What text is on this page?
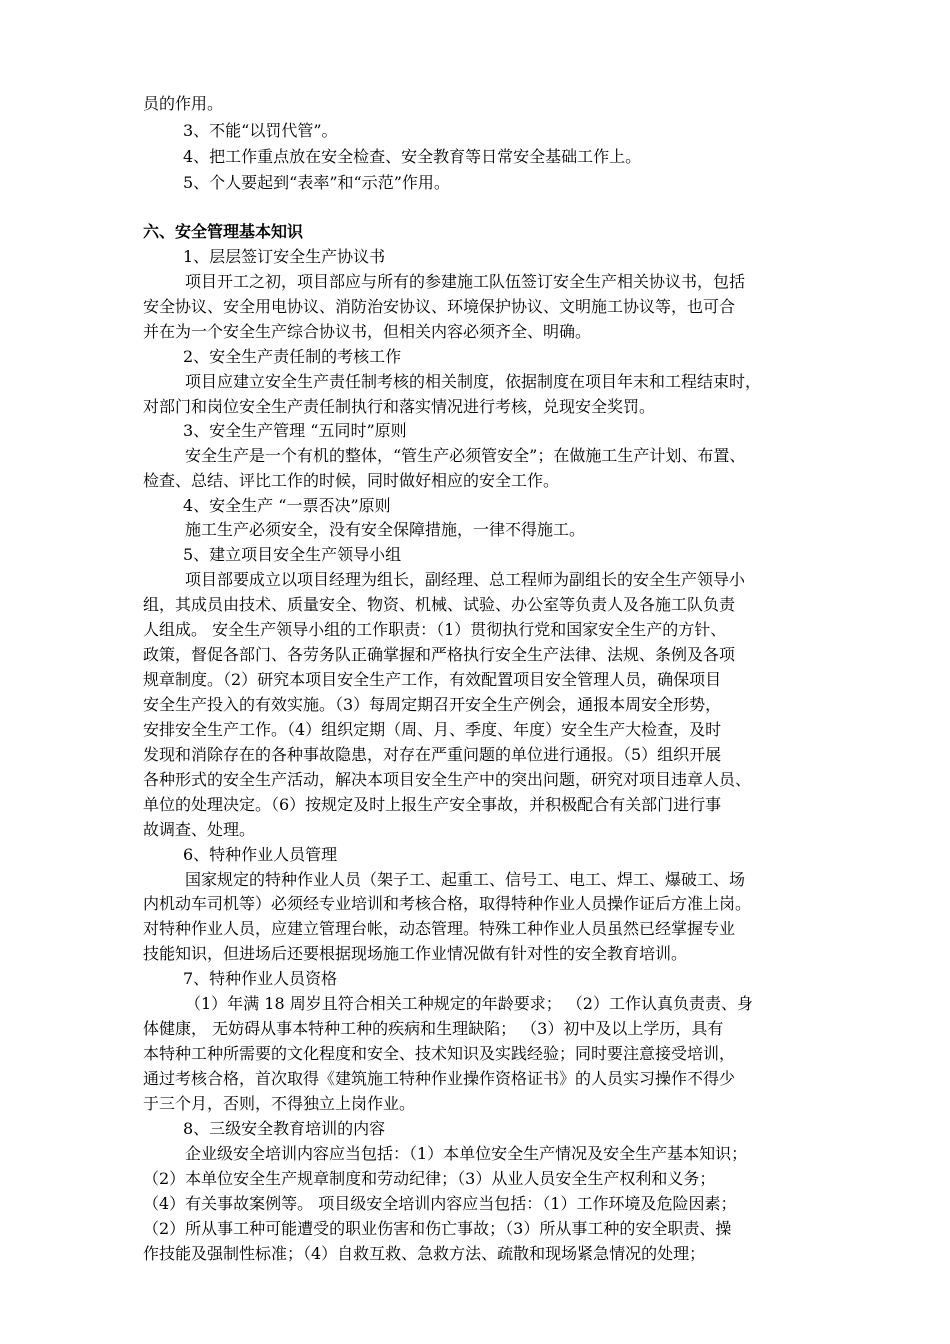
员的作用。
3、不能“以罚代管”。
4、把工作重点放在安全检查、安全教育等日常安全基础工作上。
5、个人要起到“表率”和“示范”作用。
六、安全管理基本知识
1、层层签订安全生产协议书
项目开工之初，项目部应与所有的参建施工队伍签订安全生产相关协议书，包括
安全协议、安全用电协议、消防治安协议、环境保护协议、文明施工协议等，也可合
并在为一个安全生产综合协议书，但相关内容必须齐全、明确。
2、安全生产责任制的考核工作
项目应建立安全生产责任制考核的相关制度，依据制度在项目年末和工程结束时，
对部门和岗位安全生产责任制执行和落实情况进行考核，兑现安全奖罚。
3、安全生产管理 “五同时”原则
安全生产是一个有机的整体，“管生产必须管安全”；在做施工生产计划、布置、
检查、总结、评比工作的时候，同时做好相应的安全工作。
4、安全生产 “一票否决”原则
施工生产必须安全，没有安全保障措施，一律不得施工。
5、建立项目安全生产领导小组
项目部要成立以项目经理为组长，副经理、总工程师为副组长的安全生产领导小
组，其成员由技术、质量安全、物资、机械、试验、办公室等负责人及各施工队负责
人组成。 安全生产领导小组的工作职责：（1）贯彻执行党和国家安全生产的方针、
政策，督促各部门、各劳务队正确掌握和严格执行安全生产法律、法规、条例及各项
规章制度。（2）研究本项目安全生产工作，有效配置项目安全管理人员，确保项目
安全生产投入的有效实施。（3）每周定期召开安全生产例会，通报本周安全形势，
安排安全生产工作。（4）组织定期（周、月、季度、年度）安全生产大检查，及时
发现和消除存在的各种事故隐患，对存在严重问题的单位进行通报。（5）组织开展
各种形式的安全生产活动，解决本项目安全生产中的突出问题，研究对项目违章人员、
单位的处理决定。（6）按规定及时上报生产安全事故，并积极配合有关部门进行事
故调查、处理。
6、特种作业人员管理
国家规定的特种作业人员（架子工、起重工、信号工、电工、焊工、爆破工、场
内机动车司机等）必须经专业培训和考核合格，取得特种作业人员操作证后方准上岗。
对特种作业人员，应建立管理台帐，动态管理。特殊工种作业人员虽然已经掌握专业
技能知识，但进场后还要根据现场施工作业情况做有针对性的安全教育培训。
7、特种作业人员资格
（1）年满 18 周岁且符合相关工种规定的年龄要求； （2）工作认真负责责、身
体健康， 无妨碍从事本特种工种的疾病和生理缺陷； （3）初中及以上学历，具有
本特种工种所需要的文化程度和安全、技术知识及实践经验；同时要注意接受培训，
通过考核合格，首次取得《建筑施工特种作业操作资格证书》的人员实习操作不得少
于三个月，否则，不得独立上岗作业。
8、三级安全教育培训的内容
企业级安全培训内容应当包括：（1）本单位安全生产情况及安全生产基本知识；
（2）本单位安全生产规章制度和劳动纪律；（3）从业人员安全生产权利和义务；
（4）有关事故案例等。 项目级安全培训内容应当包括：（1）工作环境及危险因素；
（2）所从事工种可能遭受的职业伤害和伤亡事故；（3）所从事工种的安全职责、操
作技能及强制性标准；（4）自救互救、急救方法、疏散和现场紧急情况的处理；
